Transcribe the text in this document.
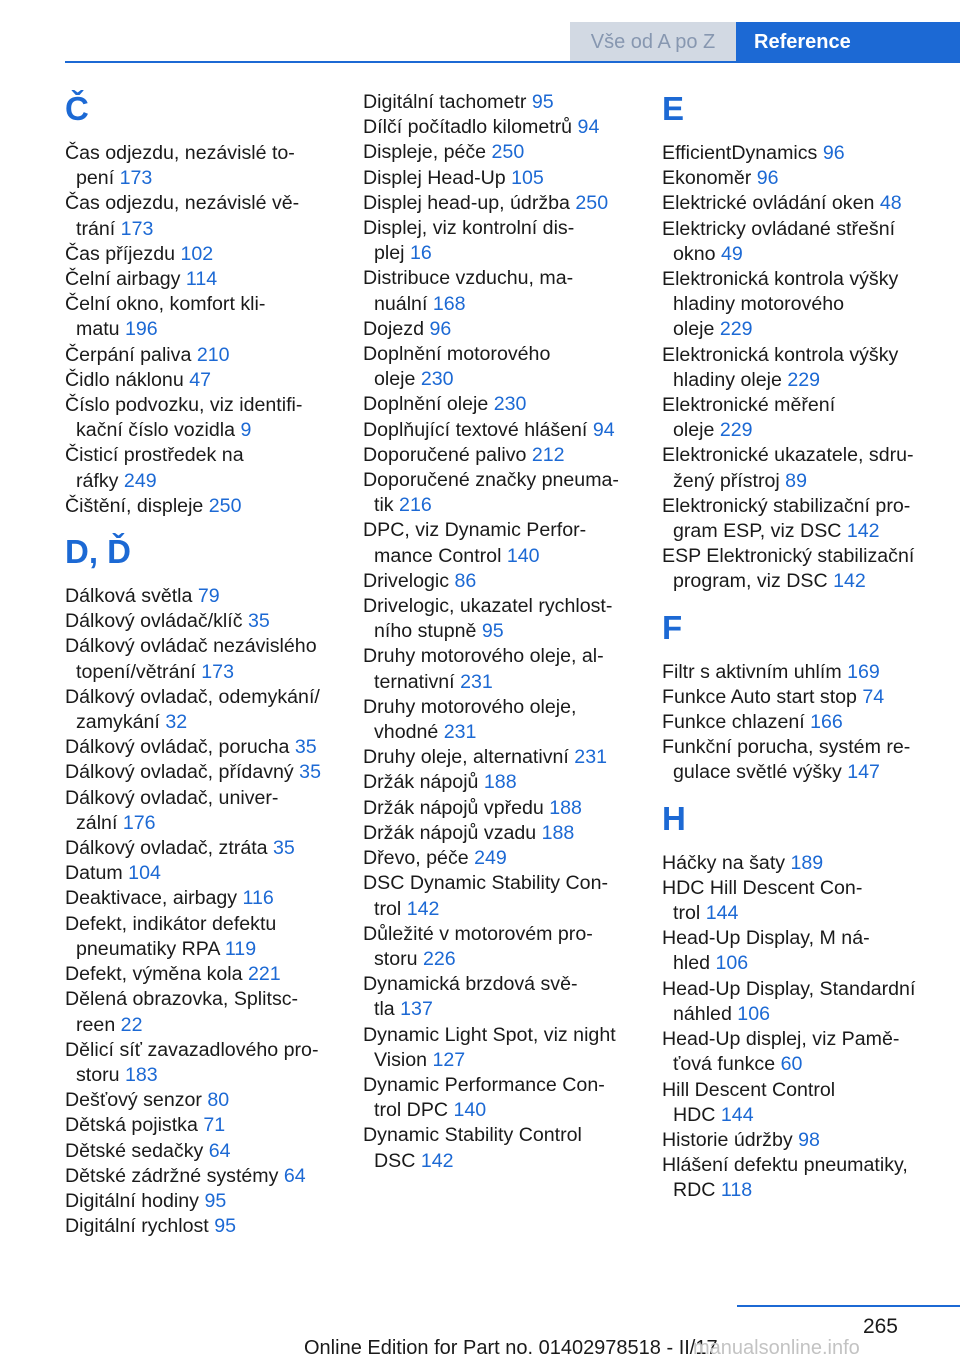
Vše od A po Z	Reference
Č
Čas odjezdu, nezávislé to-
pení 173
Čas odjezdu, nezávislé vě-
trání 173
Čas příjezdu 102
Čelní airbagy 114
Čelní okno, komfort kli-
matu 196
Čerpání paliva 210
Čidlo náklonu 47
Číslo podvozku, viz identifi-
kační číslo vozidla 9
Čisticí prostředek na
ráfky 249
Čištění, displeje 250
D, Ď
Dálková světla 79
Dálkový ovládač/klíč 35
Dálkový ovládač nezávislého
topení/větrání 173
Dálkový ovladač, odemykání/
zamykání 32
Dálkový ovládač, porucha 35
Dálkový ovladač, přídavný 35
Dálkový ovladač, univer-
zální 176
Dálkový ovladač, ztráta 35
Datum 104
Deaktivace, airbagy 116
Defekt, indikátor defektu
pneumatiky RPA 119
Defekt, výměna kola 221
Dělená obrazovka, Splitsc-
reen 22
Dělicí síť zavazadlového pro-
storu 183
Dešťový senzor 80
Dětská pojistka 71
Dětské sedačky 64
Dětské zádržné systémy 64
Digitální hodiny 95
Digitální rychlost 95
Digitální tachometr 95
Dílčí počítadlo kilometrů 94
Displeje, péče 250
Displej Head-Up 105
Displej head-up, údržba 250
Displej, viz kontrolní dis-
plej 16
Distribuce vzduchu, ma-
nuální 168
Dojezd 96
Doplnění motorového
oleje 230
Doplnění oleje 230
Doplňující textové hlášení 94
Doporučené palivo 212
Doporučené značky pneuma-
tik 216
DPC, viz Dynamic Perfor-
mance Control 140
Drivelogic 86
Drivelogic, ukazatel rychlost-
ního stupně 95
Druhy motorového oleje, al-
ternativní 231
Druhy motorového oleje,
vhodné 231
Druhy oleje, alternativní 231
Držák nápojů 188
Držák nápojů vpředu 188
Držák nápojů vzadu 188
Dřevo, péče 249
DSC Dynamic Stability Con-
trol 142
Důležité v motorovém pro-
storu 226
Dynamická brzdová svě-
tla 137
Dynamic Light Spot, viz night
Vision 127
Dynamic Performance Con-
trol DPC 140
Dynamic Stability Control
DSC 142
E
EfficientDynamics 96
Ekonoměr 96
Elektrické ovládání oken 48
Elektricky ovládané střešní
okno 49
Elektronická kontrola výšky
hladiny motorového
oleje 229
Elektronická kontrola výšky
hladiny oleje 229
Elektronické měření
oleje 229
Elektronické ukazatele, sdru-
žený přístroj 89
Elektronický stabilizační pro-
gram ESP, viz DSC 142
ESP Elektronický stabilizační
program, viz DSC 142
F
Filtr s aktivním uhlím 169
Funkce Auto start stop 74
Funkce chlazení 166
Funkční porucha, systém re-
gulace světlé výšky 147
H
Háčky na šaty 189
HDC Hill Descent Con-
trol 144
Head-Up Display, M ná-
hled 106
Head-Up Display, Standardní
náhled 106
Head-Up displej, viz Pamě-
ťová funkce 60
Hill Descent Control
HDC 144
Historie údržby 98
Hlášení defektu pneumatiky,
RDC 118
265
Online Edition for Part no. 01402978518 - II/17
manualsonline.info
